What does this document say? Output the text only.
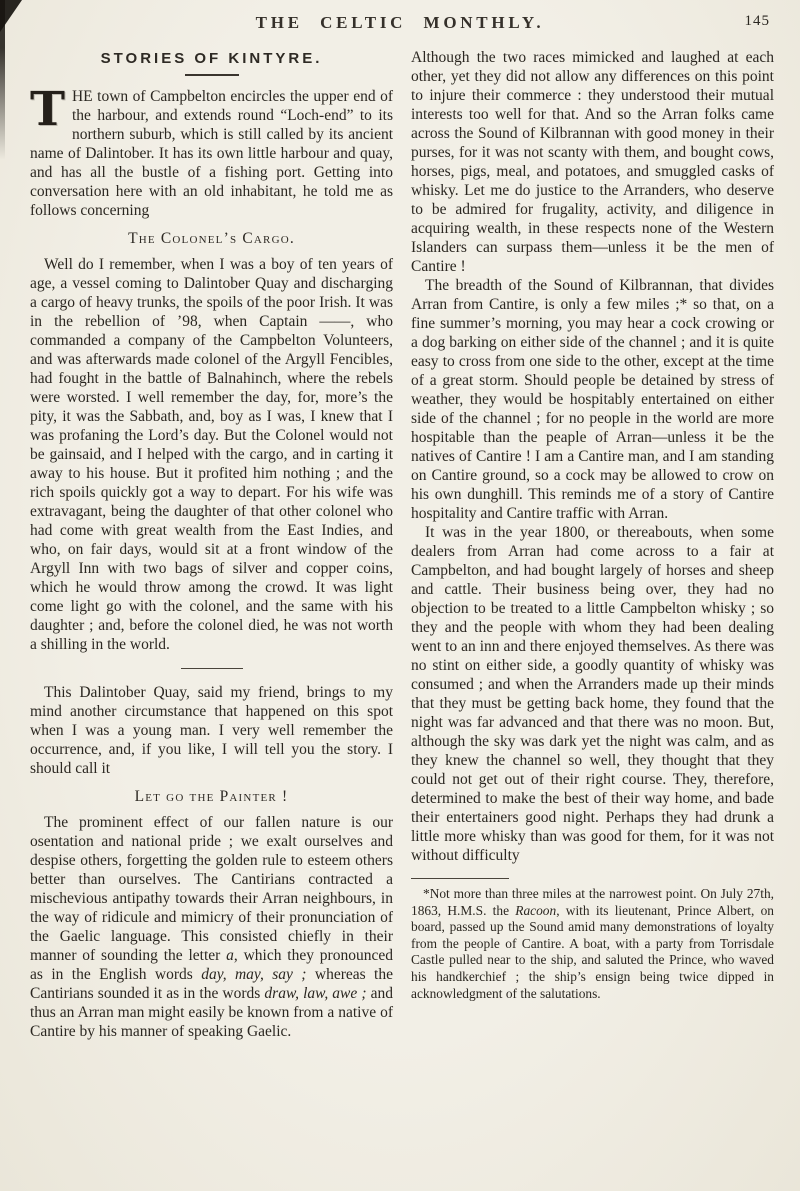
THE CELTIC MONTHLY.	145
STORIES OF KINTYRE.

THE town of Campbelton encircles the upper end of the harbour, and extends round “Loch-end” to its northern suburb, which is still called by its ancient name of Dalintober. It has its own little harbour and quay, and has all the bustle of a fishing port. Getting into conversation here with an old inhabitant, he told me as follows concerning

The Colonel’s Cargo.

Well do I remember, when I was a boy of ten years of age, a vessel coming to Dalintober Quay and discharging a cargo of heavy trunks, the spoils of the poor Irish. It was in the rebellion of ’98, when Captain ——, who commanded a company of the Campbelton Volunteers, and was afterwards made colonel of the Argyll Fencibles, had fought in the battle of Balnahinch, where the rebels were worsted. I well remember the day, for, more’s the pity, it was the Sabbath, and, boy as I was, I knew that I was profaning the Lord’s day. But the Colonel would not be gainsaid, and I helped with the cargo, and in carting it away to his house. But it profited him nothing ; and the rich spoils quickly got a way to depart. For his wife was extravagant, being the daughter of that other colonel who had come with great wealth from the East Indies, and who, on fair days, would sit at a front window of the Argyll Inn with two bags of silver and copper coins, which he would throw among the crowd. It was light come light go with the colonel, and the same with his daughter ; and, before the colonel died, he was not worth a shilling in the world.

This Dalintober Quay, said my friend, brings to my mind another circumstance that happened on this spot when I was a young man. I very well remember the occurrence, and, if you like, I will tell you the story. I should call it

Let go the Painter !

The prominent effect of our fallen nature is our osentation and national pride ; we exalt ourselves and despise others, forgetting the golden rule to esteem others better than ourselves. The Cantirians contracted a mischevious antipathy towards their Arran neighbours, in the way of ridicule and mimicry of their pronunciation of the Gaelic language. This consisted chiefly in their manner of sounding the letter a, which they pronounced as in the English words day, may, say ; whereas the Cantirians sounded it as in the words draw, law, awe ; and thus an Arran man might easily be known from a native of Cantire by his manner of speaking Gaelic.

Although the two races mimicked and laughed at each other, yet they did not allow any differences on this point to injure their commerce : they understood their mutual interests too well for that. And so the Arran folks came across the Sound of Kilbrannan with good money in their purses, for it was not scanty with them, and bought cows, horses, pigs, meal, and potatoes, and smuggled casks of whisky. Let me do justice to the Arranders, who deserve to be admired for frugality, activity, and diligence in acquiring wealth, in these respects none of the Western Islanders can surpass them—unless it be the men of Cantire !

The breadth of the Sound of Kilbrannan, that divides Arran from Cantire, is only a few miles ;* so that, on a fine summer’s morning, you may hear a cock crowing or a dog barking on either side of the channel ; and it is quite easy to cross from one side to the other, except at the time of a great storm. Should people be detained by stress of weather, they would be hospitably entertained on either side of the channel ; for no people in the world are more hospitable than the peaple of Arran—unless it be the natives of Cantire ! I am a Cantire man, and I am standing on Cantire ground, so a cock may be allowed to crow on his own dunghill. This reminds me of a story of Cantire hospitality and Cantire traffic with Arran.

It was in the year 1800, or thereabouts, when some dealers from Arran had come across to a fair at Campbelton, and had bought largely of horses and sheep and cattle. Their business being over, they had no objection to be treated to a little Campbelton whisky ; so they and the people with whom they had been dealing went to an inn and there enjoyed themselves. As there was no stint on either side, a goodly quantity of whisky was consumed ; and when the Arranders made up their minds that they must be getting back home, they found that the night was far advanced and that there was no moon. But, although the sky was dark yet the night was calm, and as they knew the channel so well, they thought that they could not get out of their right course. They, therefore, determined to make the best of their way home, and bade their entertainers good night. Perhaps they had drunk a little more whisky than was good for them, for it was not without difficulty

*Not more than three miles at the narrowest point. On July 27th, 1863, H.M.S. the Racoon, with its lieutenant, Prince Albert, on board, passed up the Sound amid many demonstrations of loyalty from the people of Cantire. A boat, with a party from Torrisdale Castle pulled near to the ship, and saluted the Prince, who waved his handkerchief ; the ship’s ensign being twice dipped in acknowledgment of the salutations.
